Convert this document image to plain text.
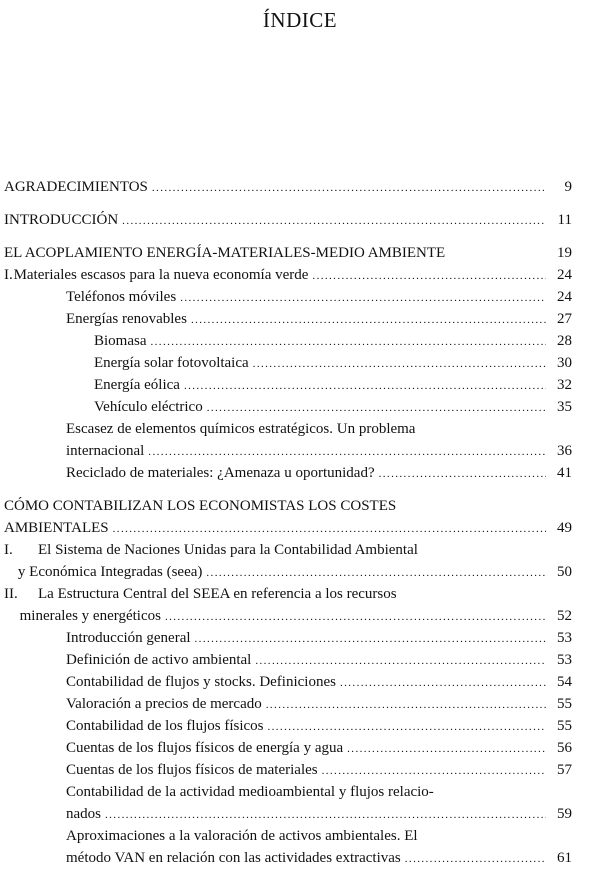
ÍNDICE
AGRADECIMIENTOS .....	9
INTRODUCCIÓN .....	11
EL ACOPLAMIENTO ENERGÍA-MATERIALES-MEDIO AMBIENTE	19
I. Materiales escasos para la nueva economía verde .....	24
Teléfonos móviles .....	24
Energías renovables .....	27
Biomasa .....	28
Energía solar fotovoltaica .....	30
Energía eólica .....	32
Vehículo eléctrico .....	35
Escasez de elementos químicos estratégicos. Un problema
internacional .....	36
Reciclado de materiales: ¿Amenaza u oportunidad? .....	41
CÓMO CONTABILIZAN LOS ECONOMISTAS LOS COSTES
AMBIENTALES .....	49
I.	El Sistema de Naciones Unidas para la Contabilidad Ambiental
y Económica Integradas (seea) .....	50
II.	La Estructura Central del SEEA en referencia a los recursos
minerales y energéticos .....	52
Introducción general .....	53
Definición de activo ambiental .....	53
Contabilidad de flujos y stocks. Definiciones .....	54
Valoración a precios de mercado .....	55
Contabilidad de los flujos físicos .....	55
Cuentas de los flujos físicos de energía y agua .....	56
Cuentas de los flujos físicos de materiales .....	57
Contabilidad de la actividad medioambiental y flujos relacio-
nados .....	59
Aproximaciones a la valoración de activos ambientales. El
método VAN en relación con las actividades extractivas .....	61
